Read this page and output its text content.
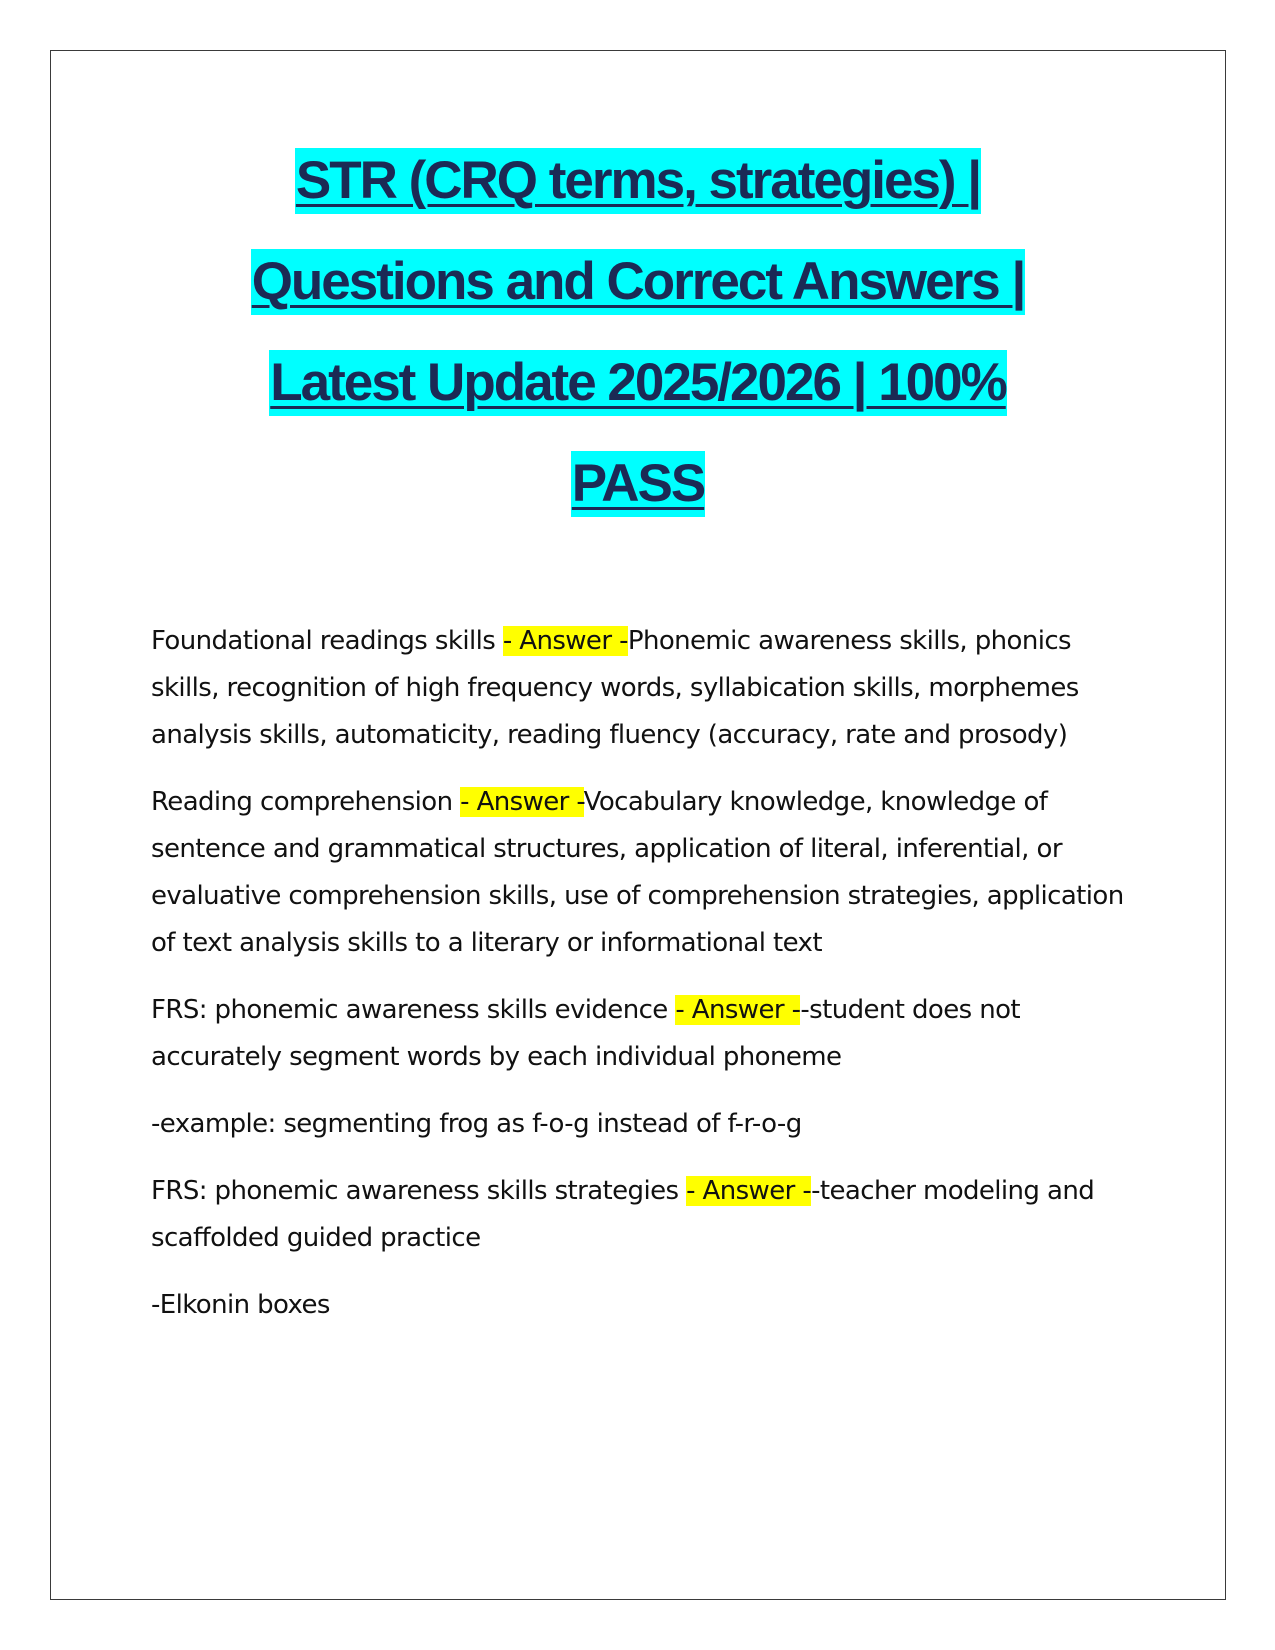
STR (CRQ terms, strategies) |
Questions and Correct Answers |
Latest Update 2025/2026 | 100%
PASS

Foundational readings skills - Answer -Phonemic awareness skills, phonics skills, recognition of high frequency words, syllabication skills, morphemes analysis skills, automaticity, reading fluency (accuracy, rate and prosody)

Reading comprehension - Answer -Vocabulary knowledge, knowledge of sentence and grammatical structures, application of literal, inferential, or evaluative comprehension skills, use of comprehension strategies, application of text analysis skills to a literary or informational text

FRS: phonemic awareness skills evidence - Answer --student does not accurately segment words by each individual phoneme

-example: segmenting frog as f-o-g instead of f-r-o-g

FRS: phonemic awareness skills strategies - Answer --teacher modeling and scaffolded guided practice

-Elkonin boxes
